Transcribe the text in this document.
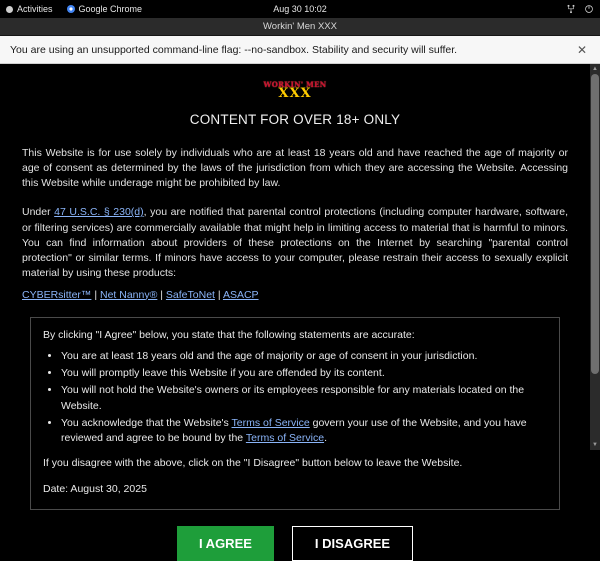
Activities	Google Chrome	Aug 30 10:02
Workin' Men XXX
You are using an unsupported command-line flag: --no-sandbox. Stability and security will suffer.	✕
WORKIN' MEN
XXX
CONTENT FOR OVER 18+ ONLY

This Website is for use solely by individuals who are at least 18 years old and have reached the age of majority or age of consent as determined by the laws of the jurisdiction from which they are accessing the Website. Accessing this Website while underage might be prohibited by law.

Under 47 U.S.C. § 230(d), you are notified that parental control protections (including computer hardware, software, or filtering services) are commercially available that might help in limiting access to material that is harmful to minors. You can find information about providers of these protections on the Internet by searching "parental control protection" or similar terms. If minors have access to your computer, please restrain their access to sexually explicit material by using these products:

CYBERsitter™ | Net Nanny® | SafeToNet | ASACP

By clicking "I Agree" below, you state that the following statements are accurate:

• You are at least 18 years old and the age of majority or age of consent in your jurisdiction.
• You will promptly leave this Website if you are offended by its content.
• You will not hold the Website's owners or its employees responsible for any materials located on the Website.
• You acknowledge that the Website's Terms of Service govern your use of the Website, and you have reviewed and agree to be bound by the Terms of Service.

If you disagree with the above, click on the "I Disagree" button below to leave the Website.

Date: August 30, 2025

I AGREE	I DISAGREE
▲
▼
